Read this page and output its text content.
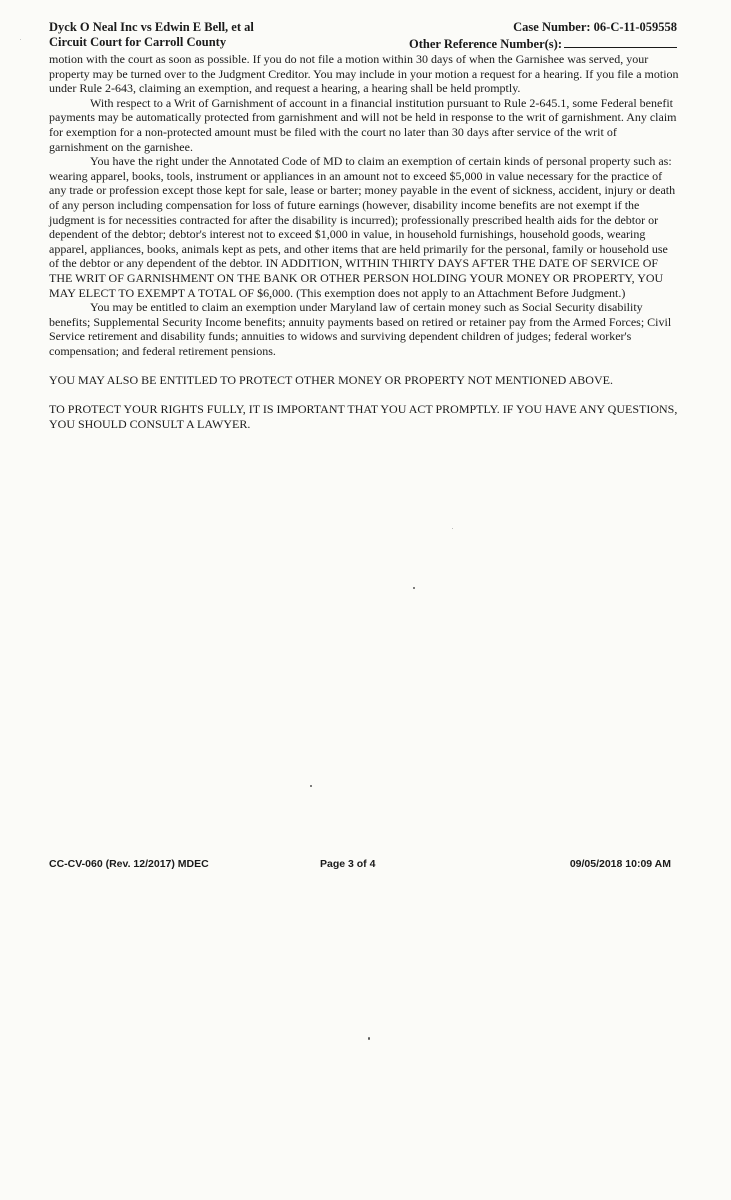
Dyck O Neal Inc vs Edwin E Bell, et al
Circuit Court for Carroll County
Case Number: 06-C-11-059558
Other Reference Number(s):

motion with the court as soon as possible. If you do not file a motion within 30 days of when the Garnishee was served, your property may be turned over to the Judgment Creditor. You may include in your motion a request for a hearing. If you file a motion under Rule 2-643, claiming an exemption, and request a hearing, a hearing shall be held promptly.

With respect to a Writ of Garnishment of account in a financial institution pursuant to Rule 2-645.1, some Federal benefit payments may be automatically protected from garnishment and will not be held in response to the writ of garnishment. Any claim for exemption for a non-protected amount must be filed with the court no later than 30 days after service of the writ of garnishment on the garnishee.

You have the right under the Annotated Code of MD to claim an exemption of certain kinds of personal property such as: wearing apparel, books, tools, instrument or appliances in an amount not to exceed $5,000 in value necessary for the practice of any trade or profession except those kept for sale, lease or barter; money payable in the event of sickness, accident, injury or death of any person including compensation for loss of future earnings (however, disability income benefits are not exempt if the judgment is for necessities contracted for after the disability is incurred); professionally prescribed health aids for the debtor or dependent of the debtor; debtor's interest not to exceed $1,000 in value, in household furnishings, household goods, wearing apparel, appliances, books, animals kept as pets, and other items that are held primarily for the personal, family or household use of the debtor or any dependent of the debtor. IN ADDITION, WITHIN THIRTY DAYS AFTER THE DATE OF SERVICE OF THE WRIT OF GARNISHMENT ON THE BANK OR OTHER PERSON HOLDING YOUR MONEY OR PROPERTY, YOU MAY ELECT TO EXEMPT A TOTAL OF $6,000. (This exemption does not apply to an Attachment Before Judgment.)

You may be entitled to claim an exemption under Maryland law of certain money such as Social Security disability benefits; Supplemental Security Income benefits; annuity payments based on retired or retainer pay from the Armed Forces; Civil Service retirement and disability funds; annuities to widows and surviving dependent children of judges; federal worker's compensation; and federal retirement pensions.

YOU MAY ALSO BE ENTITLED TO PROTECT OTHER MONEY OR PROPERTY NOT MENTIONED ABOVE.

TO PROTECT YOUR RIGHTS FULLY, IT IS IMPORTANT THAT YOU ACT PROMPTLY. IF YOU HAVE ANY QUESTIONS, YOU SHOULD CONSULT A LAWYER.

CC-CV-060 (Rev. 12/2017) MDEC	Page 3 of 4	09/05/2018 10:09 AM
